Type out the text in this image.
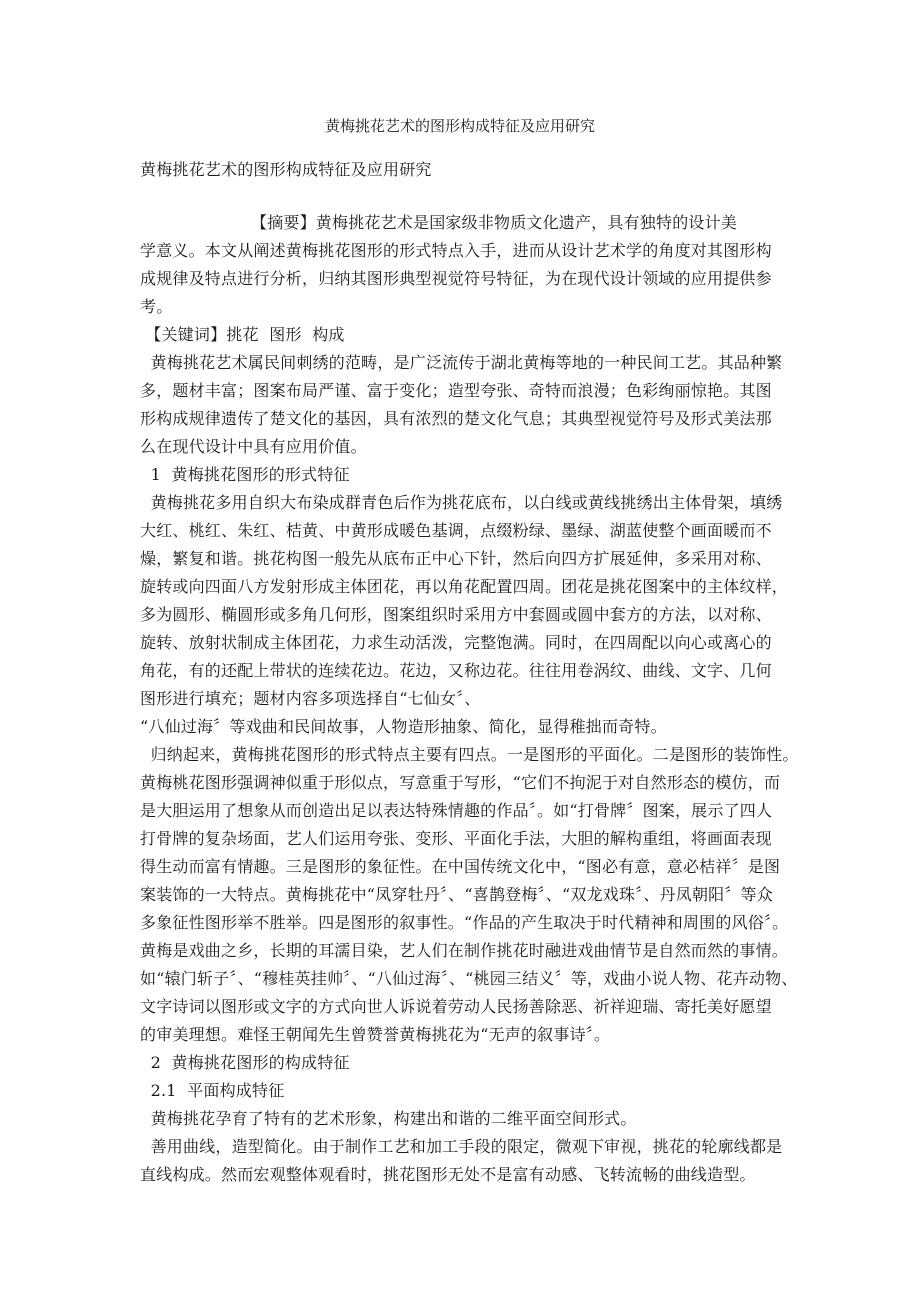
黄梅挑花艺术的图形构成特征及应用研究
黄梅挑花艺术的图形构成特征及应用研究
【摘要】黄梅挑花艺术是国家级非物质文化遗产，具有独特的设计美
学意义。本文从阐述黄梅挑花图形的形式特点入手，进而从设计艺术学的角度对其图形构
成规律及特点进行分析，归纳其图形典型视觉符号特征，为在现代设计领域的应用提供参
考。
【关键词】挑花  图形  构成
黄梅挑花艺术属民间刺绣的范畴，是广泛流传于湖北黄梅等地的一种民间工艺。其品种繁
多，题材丰富；图案布局严谨、富于变化；造型夸张、奇特而浪漫；色彩绚丽惊艳。其图
形构成规律遗传了楚文化的基因，具有浓烈的楚文化气息；其典型视觉符号及形式美法那
么在现代设计中具有应用价值。
1  黄梅挑花图形的形式特征
黄梅挑花多用自织大布染成群青色后作为挑花底布，以白线或黄线挑绣出主体骨架，填绣
大红、桃红、朱红、桔黄、中黄形成暖色基调，点缀粉绿、墨绿、湖蓝使整个画面暖而不
燥，繁复和谐。挑花构图一般先从底布正中心下针，然后向四方扩展延伸，多采用对称、
旋转或向四面八方发射形成主体团花，再以角花配置四周。团花是挑花图案中的主体纹样，
多为圆形、椭圆形或多角几何形，图案组织时采用方中套圆或圆中套方的方法，以对称、
旋转、放射状制成主体团花，力求生动活泼，完整饱满。同时，在四周配以向心或离心的
角花，有的还配上带状的连续花边。花边，又称边花。往往用卷涡纹、曲线、文字、几何
图形进行填充；题材内容多项选择自“七仙女〞、
“八仙过海〞等戏曲和民间故事，人物造形抽象、简化，显得稚拙而奇特。
归纳起来，黄梅挑花图形的形式特点主要有四点。一是图形的平面化。二是图形的装饰性。
黄梅桃花图形强调神似重于形似点，写意重于写形，“它们不拘泥于对自然形态的模仿，而
是大胆运用了想象从而创造出足以表达特殊情趣的作品〞。如“打骨牌〞图案，展示了四人
打骨牌的复杂场面，艺人们运用夸张、变形、平面化手法，大胆的解构重组，将画面表现
得生动而富有情趣。三是图形的象征性。在中国传统文化中，“图必有意，意必桔祥〞是图
案装饰的一大特点。黄梅挑花中“凤穿牡丹〞、“喜鹊登梅〞、“双龙戏珠〞、丹凤朝阳〞等众
多象征性图形举不胜举。四是图形的叙事性。“作品的产生取决于时代精神和周围的风俗〞。
黄梅是戏曲之乡，长期的耳濡目染，艺人们在制作挑花时融进戏曲情节是自然而然的事情。
如“辕门斩子〞、“穆桂英挂帅〞、“八仙过海〞、“桃园三结义〞等，戏曲小说人物、花卉动物、
文字诗词以图形或文字的方式向世人诉说着劳动人民扬善除恶、祈祥迎瑞、寄托美好愿望
的审美理想。难怪王朝闻先生曾赞誉黄梅挑花为“无声的叙事诗〞。
2  黄梅挑花图形的构成特征
2.1  平面构成特征
黄梅挑花孕育了特有的艺术形象，构建出和谐的二维平面空间形式。
善用曲线，造型简化。由于制作工艺和加工手段的限定，微观下审视，挑花的轮廓线都是
直线构成。然而宏观整体观看时，挑花图形无处不是富有动感、飞转流畅的曲线造型。
